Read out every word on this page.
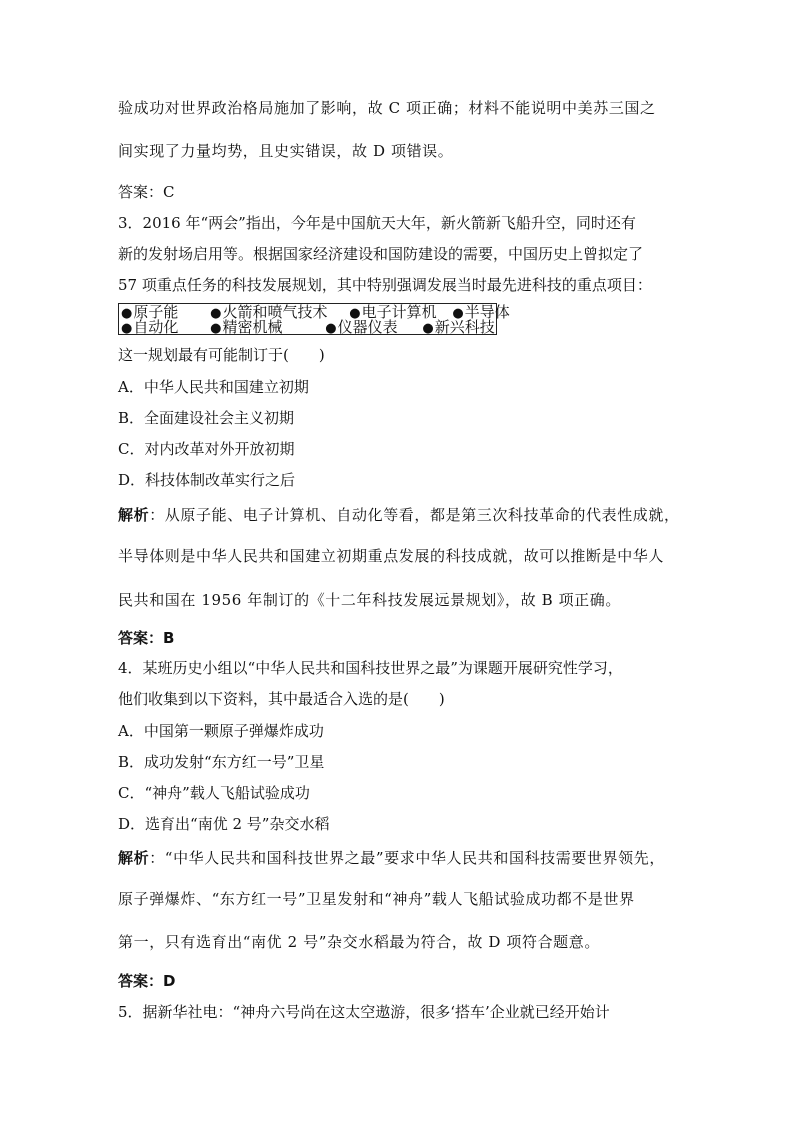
验成功对世界政治格局施加了影响，故 C 项正确；材料不能说明中美苏三国之
间实现了力量均势，且史实错误，故 D 项错误。
答案：C
3．2016 年“两会”指出，今年是中国航天大年，新火箭新飞船升空，同时还有
新的发射场启用等。根据国家经济建设和国防建设的需要，中国历史上曾拟定了
57 项重点任务的科技发展规划，其中特别强调发展当时最先进科技的重点项目：
●原子能 ●火箭和喷气技术 ●电子计算机 ●半导体
●自动化 ●精密机械	●仪器仪表 ●新兴科技
这一规划最有可能制订于(　　)
A．中华人民共和国建立初期
B．全面建设社会主义初期
C．对内改革对外开放初期
D．科技体制改革实行之后
解析：从原子能、电子计算机、自动化等看，都是第三次科技革命的代表性成就，
半导体则是中华人民共和国建立初期重点发展的科技成就，故可以推断是中华人
民共和国在 1956 年制订的《十二年科技发展远景规划》，故 B 项正确。
答案：B
4．某班历史小组以“中华人民共和国科技世界之最”为课题开展研究性学习，
他们收集到以下资料，其中最适合入选的是(　　)
A．中国第一颗原子弹爆炸成功
B．成功发射“东方红一号”卫星
C．“神舟”载人飞船试验成功
D．选育出“南优 2 号”杂交水稻
解析：“中华人民共和国科技世界之最”要求中华人民共和国科技需要世界领先，
原子弹爆炸、“东方红一号”卫星发射和“神舟”载人飞船试验成功都不是世界
第一，只有选育出“南优 2 号”杂交水稻最为符合，故 D 项符合题意。
答案：D
5．据新华社电：“神舟六号尚在这太空遨游，很多‘搭车’企业就已经开始计
